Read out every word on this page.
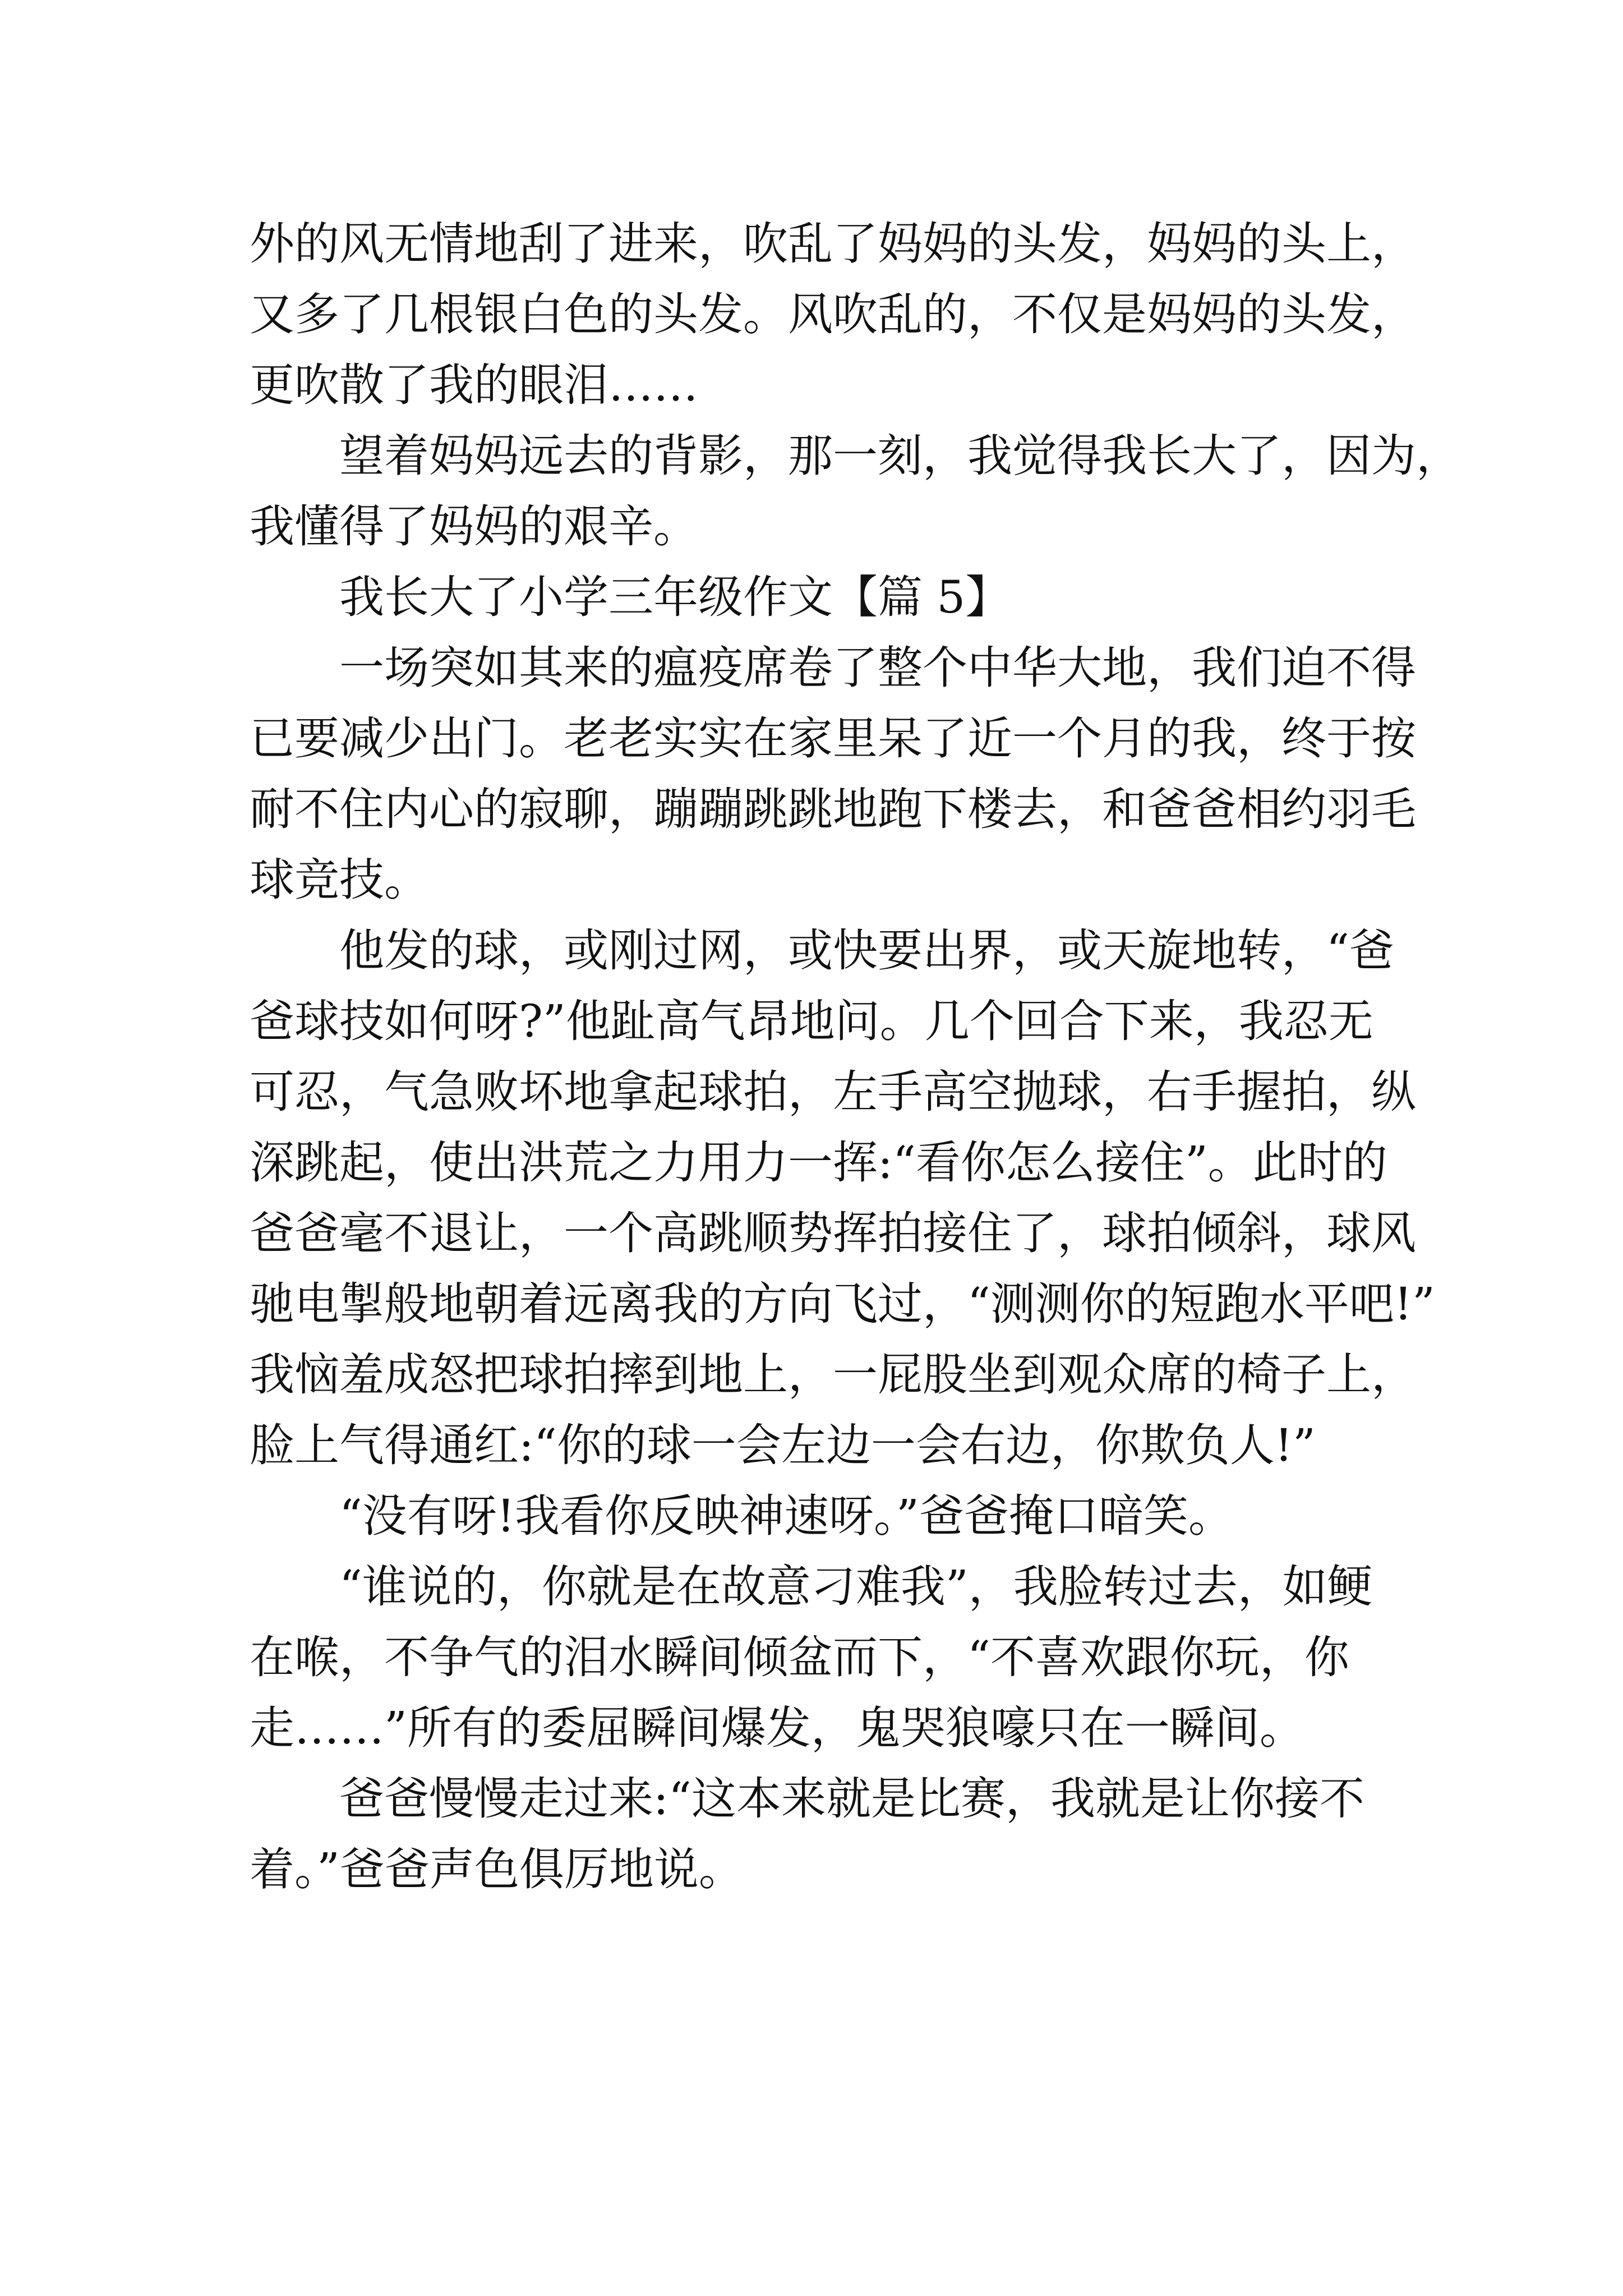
外的风无情地刮了进来，吹乱了妈妈的头发，妈妈的头上，
又多了几根银白色的头发。风吹乱的，不仅是妈妈的头发，
更吹散了我的眼泪……
望着妈妈远去的背影，那一刻，我觉得我长大了，因为，
我懂得了妈妈的艰辛。
我长大了小学三年级作文【篇 5】
一场突如其来的瘟疫席卷了整个中华大地，我们迫不得
已要减少出门。老老实实在家里呆了近一个月的我，终于按
耐不住内心的寂聊，蹦蹦跳跳地跑下楼去，和爸爸相约羽毛
球竞技。
他发的球，或刚过网，或快要出界，或天旋地转，“爸
爸球技如何呀?”他趾高气昂地问。几个回合下来，我忍无
可忍，气急败坏地拿起球拍，左手高空抛球，右手握拍，纵
深跳起，使出洪荒之力用力一挥:“看你怎么接住”。此时的
爸爸毫不退让，一个高跳顺势挥拍接住了，球拍倾斜，球风
驰电掣般地朝着远离我的方向飞过，“测测你的短跑水平吧!”
我恼羞成怒把球拍摔到地上，一屁股坐到观众席的椅子上，
脸上气得通红:“你的球一会左边一会右边，你欺负人!”
“没有呀!我看你反映神速呀。”爸爸掩口暗笑。
“谁说的，你就是在故意刁难我”，我脸转过去，如鲠
在喉，不争气的泪水瞬间倾盆而下，“不喜欢跟你玩，你
走……”所有的委屈瞬间爆发，鬼哭狼嚎只在一瞬间。
爸爸慢慢走过来:“这本来就是比赛，我就是让你接不
着。”爸爸声色俱厉地说。
